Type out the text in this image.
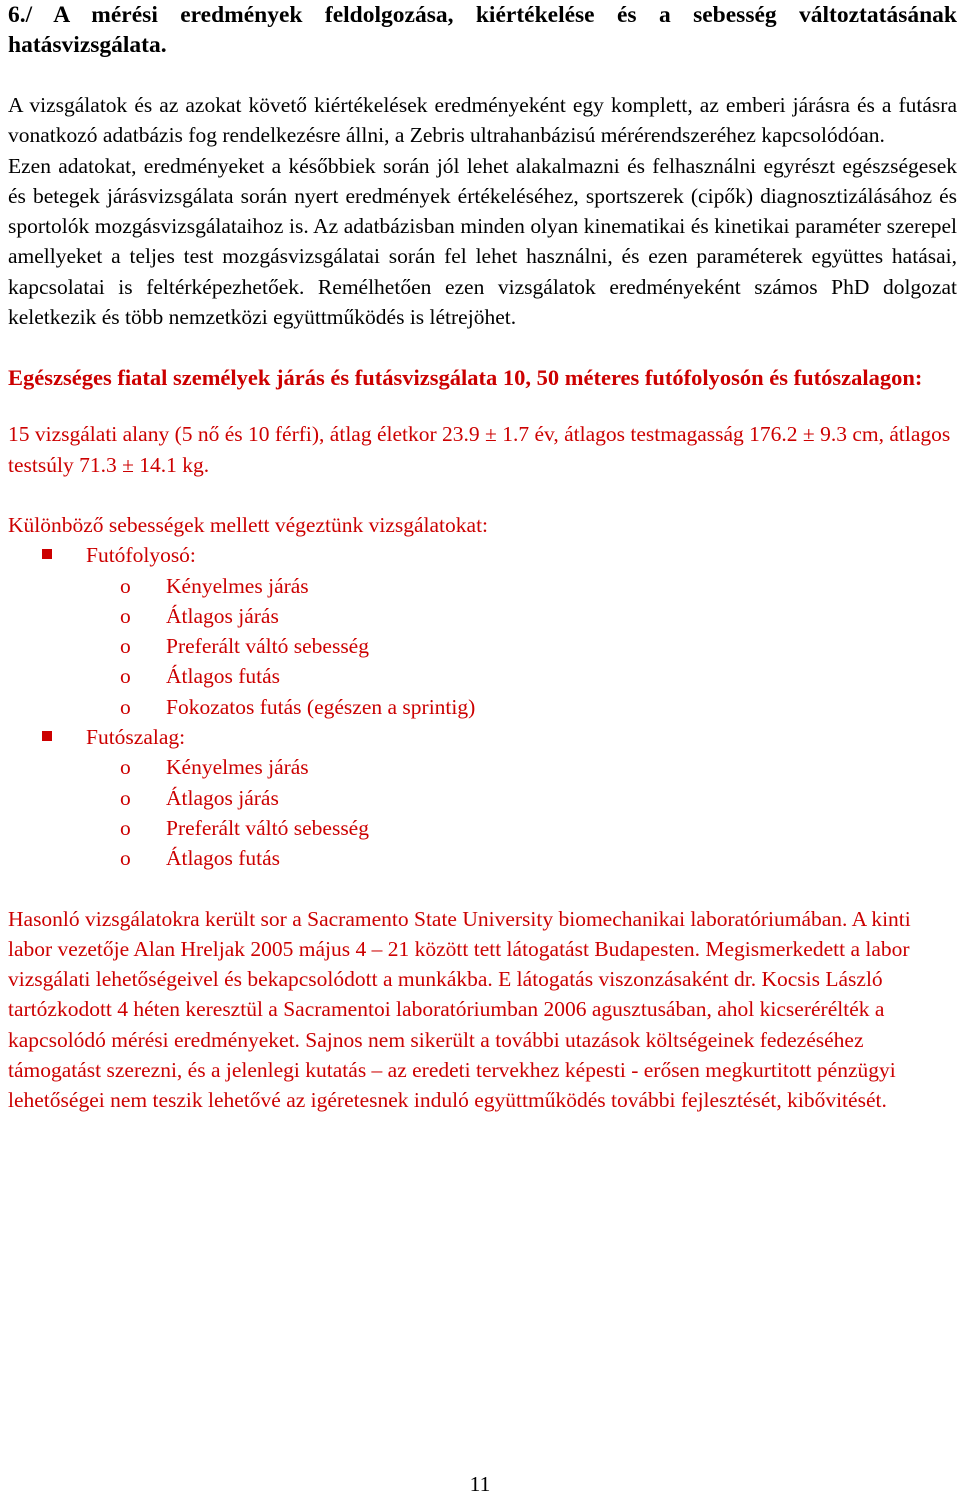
6./ A mérési eredmények feldolgozása, kiértékelése és a sebesség változtatásának hatásvizsgálata.

A vizsgálatok és az azokat követő kiértékelések eredményeként egy komplett, az emberi járásra és a futásra vonatkozó adatbázis fog rendelkezésre állni, a Zebris ultrahanbázisú mérérendszeréhez kapcsolódóan.

Ezen adatokat, eredményeket a későbbiek során jól lehet alakalmazni és felhasználni egyrészt egészségesek és betegek járásvizsgálata során nyert eredmények értékeléséhez, sportszerek (cipők) diagnosztizálásához és sportolók mozgásvizsgálataihoz is. Az adatbázisban minden olyan kinematikai és kinetikai paraméter szerepel amellyeket a teljes test mozgásvizsgálatai során fel lehet használni, és ezen paraméterek együttes hatásai, kapcsolatai is feltérképezhetőek. Remélhetően ezen vizsgálatok eredményeként számos PhD dolgozat keletkezik és több nemzetközi együttműködés is létrejöhet.

Egészséges fiatal személyek járás és futásvizsgálata 10, 50 méteres futófolyosón és futószalagon:

15 vizsgálati alany (5 nő és 10 férfi), átlag életkor 23.9 ± 1.7 év, átlagos testmagasság 176.2 ± 9.3 cm, átlagos testsúly 71.3 ± 14.1 kg.

Különböző sebességek mellett végeztünk vizsgálatokat:

Futófolyosó:
o Kényelmes járás
o Átlagos járás
o Preferált váltó sebesség
o Átlagos futás
o Fokozatos futás (egészen a sprintig)
Futószalag:
o Kényelmes járás
o Átlagos járás
o Preferált váltó sebesség
o Átlagos futás

Hasonló vizsgálatokra került sor a Sacramento State University biomechanikai laboratóriumában. A kinti labor vezetője Alan Hreljak 2005 május 4 – 21 között tett látogatást Budapesten. Megismerkedett a labor vizsgálati lehetőségeivel és bekapcsolódott a munkákba. E látogatás viszonzásaként dr. Kocsis László tartózkodott 4 héten keresztül a Sacramentoi laboratóriumban 2006 agusztusában, ahol kicserérélték a kapcsolódó mérési eredményeket. Sajnos nem sikerült a további utazások költségeinek fedezéséhez támogatást szerezni, és a jelenlegi kutatás – az eredeti tervekhez képesti - erősen megkurtitott pénzügyi lehetőségei nem teszik lehetővé az igéretesnek induló együttműködés további fejlesztését, kibővitését.

11
